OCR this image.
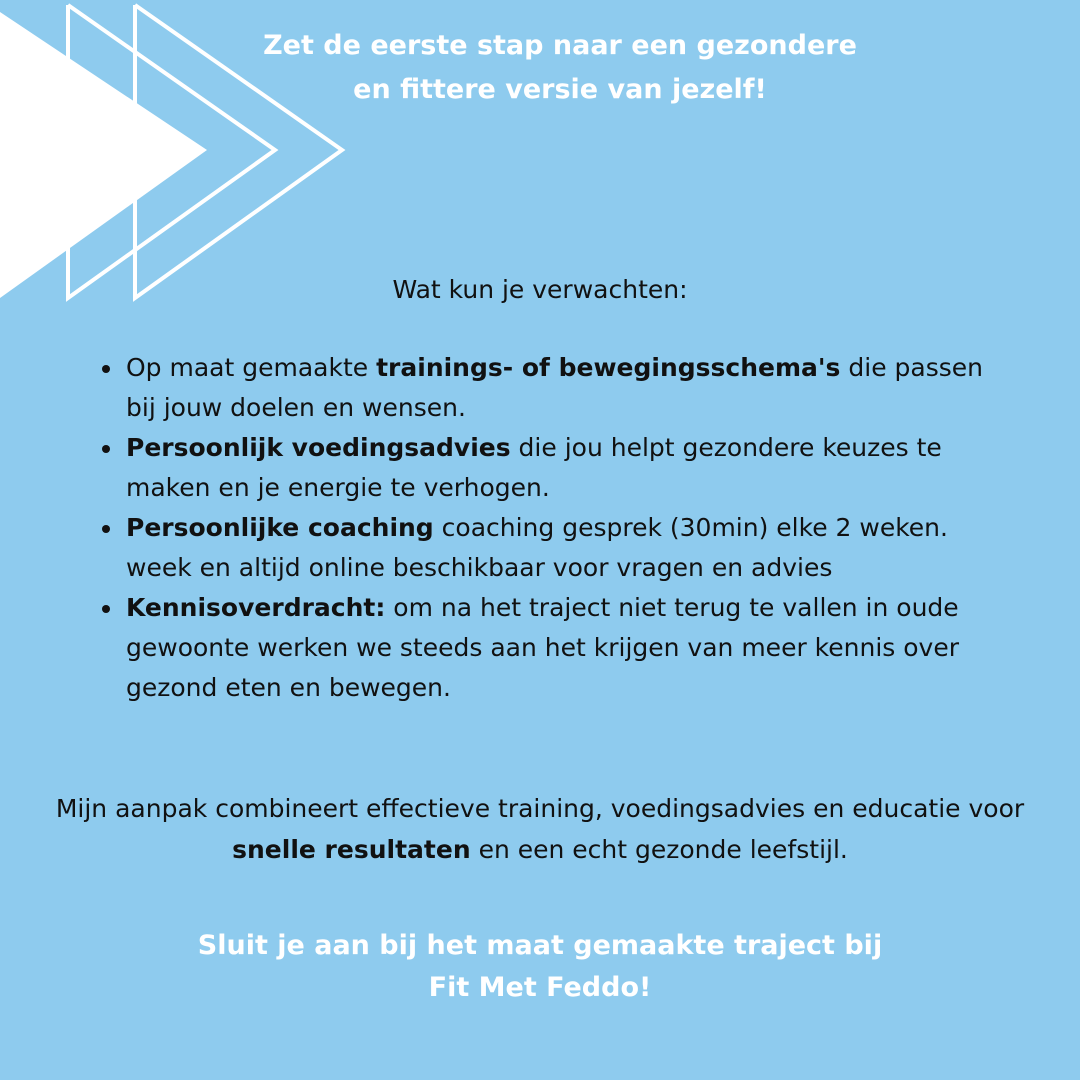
Zet de eerste stap naar een gezondere
en fittere versie van jezelf!
Wat kun je verwachten:
Op maat gemaakte trainings- of bewegingsschema's die passen bij jouw doelen en wensen.
Persoonlijk voedingsadvies die jou helpt gezondere keuzes te maken en je energie te verhogen.
Persoonlijke coaching coaching gesprek (30min) elke 2 weken. week en altijd online beschikbaar voor vragen en advies
Kennisoverdracht: om na het traject niet terug te vallen in oude gewoonte werken we steeds aan het krijgen van meer kennis over gezond eten en bewegen.
Mijn aanpak combineert effectieve training, voedingsadvies en educatie voor snelle resultaten en een echt gezonde leefstijl.
Sluit je aan bij het maat gemaakte traject bij
Fit Met Feddo!
